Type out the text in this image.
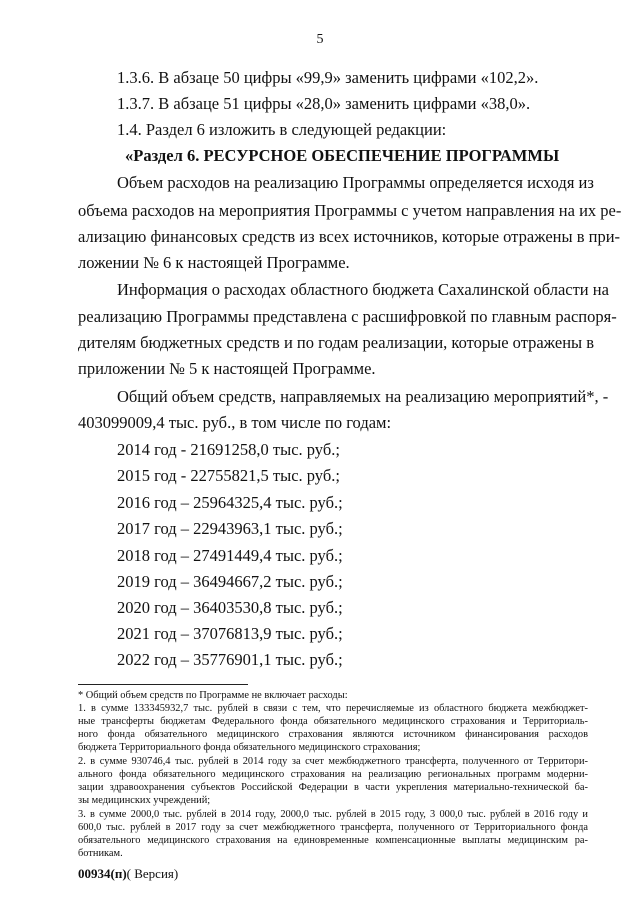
5
1.3.6. В абзаце 50 цифры «99,9» заменить цифрами «102,2».
1.3.7. В абзаце 51 цифры «28,0» заменить цифрами «38,0».
1.4. Раздел 6 изложить в следующей редакции:
«Раздел 6. РЕСУРСНОЕ ОБЕСПЕЧЕНИЕ ПРОГРАММЫ
Объем расходов на реализацию Программы определяется исходя из
объема расходов на мероприятия Программы с учетом направления на их ре-
ализацию финансовых средств из всех источников, которые отражены в при-
ложении № 6 к настоящей Программе.
Информация о расходах областного бюджета Сахалинской области на
реализацию Программы представлена с расшифровкой по главным распоря-
дителям бюджетных средств и по годам реализации, которые отражены в
приложении № 5 к настоящей Программе.
Общий объем средств, направляемых на реализацию мероприятий*, -
403099009,4 тыс. руб., в том числе по годам:
2014 год - 21691258,0 тыс. руб.;
2015 год - 22755821,5 тыс. руб.;
2016 год – 25964325,4 тыс. руб.;
2017 год – 22943963,1 тыс. руб.;
2018 год – 27491449,4 тыс. руб.;
2019 год – 36494667,2 тыс. руб.;
2020 год – 36403530,8 тыс. руб.;
2021 год – 37076813,9 тыс. руб.;
2022 год – 35776901,1 тыс. руб.;
* Общий объем средств по Программе не включает расходы:
1. в сумме 133345932,7 тыс. рублей в связи с тем, что перечисляемые из областного бюджета межбюджет-
ные трансферты бюджетам Федерального фонда обязательного медицинского страхования и Территориаль-
ного фонда обязательного медицинского страхования являются источником финансирования расходов
бюджета Территориального фонда обязательного медицинского страхования;
2. в сумме 930746,4 тыс. рублей в 2014 году за счет межбюджетного трансферта, полученного от Территори-
ального фонда обязательного медицинского страхования на реализацию региональных программ модерни-
зации здравоохранения субъектов Российской Федерации в части укрепления материально-технической ба-
зы медицинских учреждений;
3. в сумме 2000,0 тыс. рублей в 2014 году, 2000,0 тыс. рублей в 2015 году, 3 000,0 тыс. рублей в 2016 году и
600,0 тыс. рублей в 2017 году за счет межбюджетного трансферта, полученного от Территориального фонда
обязательного медицинского страхования на единовременные компенсационные выплаты медицинским ра-
ботникам.
00934(п)( Версия)
